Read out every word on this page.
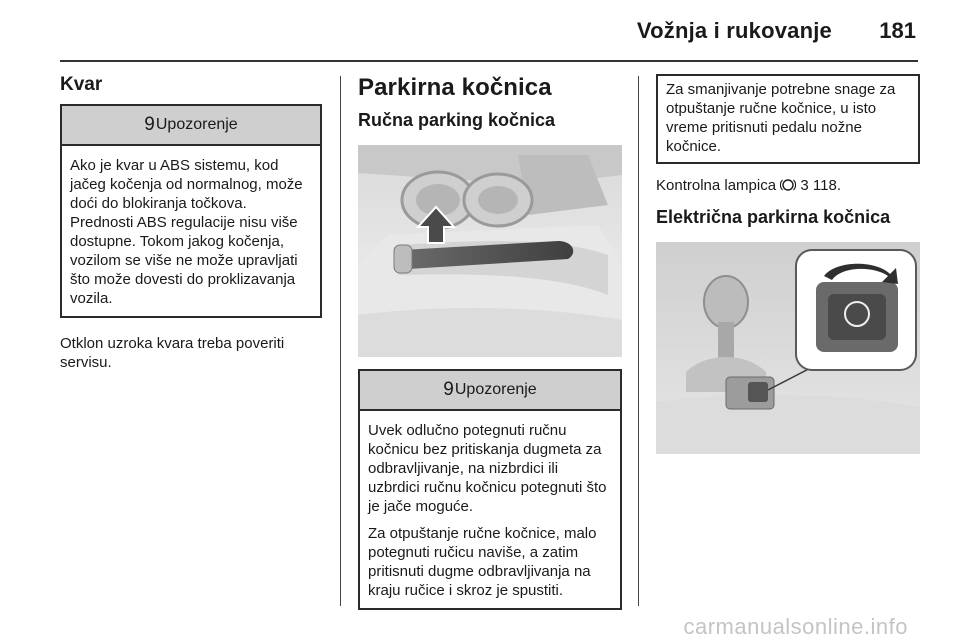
Vožnja i rukovanje 181
Kvar
9 Upozorenje

Ako je kvar u ABS sistemu, kod jačeg kočenja od normalnog, može doći do blokiranja točkova. Prednosti ABS regulacije nisu više dostupne. Tokom jakog kočenja, vozilom se više ne može upravljati što može dovesti do proklizavanja vozila.

Otklon uzroka kvara treba poveriti servisu.

Parkirna kočnica
Ručna parking kočnica
9 Upozorenje

Uvek odlučno potegnuti ručnu kočnicu bez pritiskanja dugmeta za odbravljivanje, na nizbrdici ili uzbrdici ručnu kočnicu potegnuti što je jače moguće.

Za otpuštanje ručne kočnice, malo potegnuti ručicu naviše, a zatim pritisnuti dugme odbravljivanja na kraju ručice i skroz je spustiti.

Za smanjivanje potrebne snage za otpuštanje ručne kočnice, u isto vreme pritisnuti pedalu nožne kočnice.

Kontrolna lampica 3 118.

Električna parkirna kočnica
carmanualsonline.info
